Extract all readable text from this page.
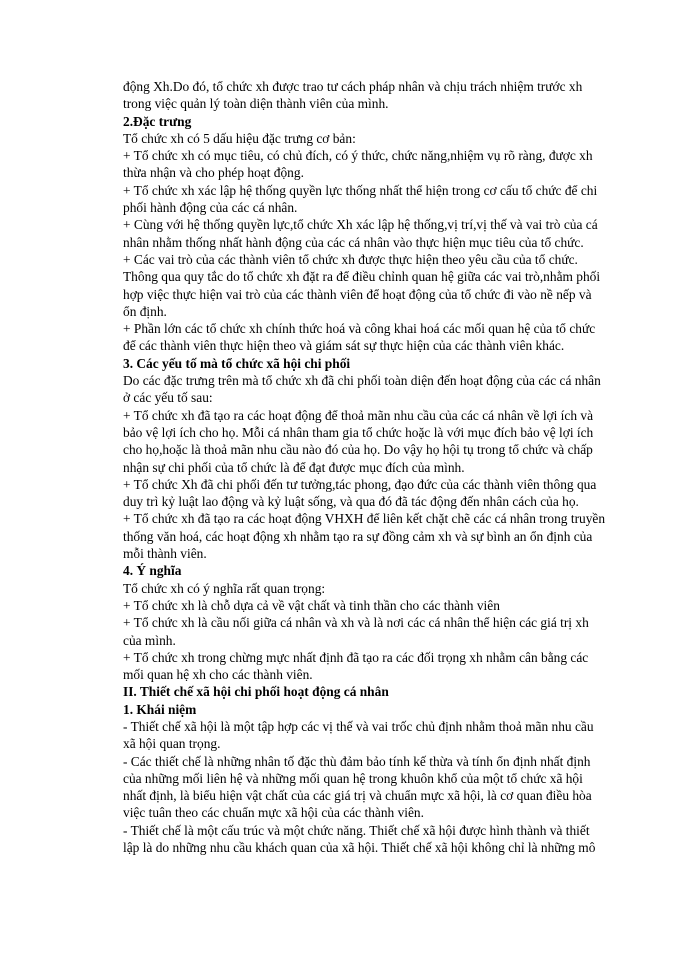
động Xh.Do đó, tổ chức xh được trao tư cách pháp nhân và chịu trách nhiệm trước xh
trong việc quản lý toàn diện thành viên của mình.
2.Đặc trưng
Tổ chức xh có 5 dấu hiệu đặc trưng cơ bản:
+ Tổ chức xh có mục tiêu, có chủ đích, có ý thức, chức năng,nhiệm vụ rõ ràng, được xh
thừa nhận và cho phép hoạt động.
+ Tổ chức xh xác lập hệ thống quyền lực thống nhất thể hiện trong cơ cấu tổ chức để chi
phối hành động của các cá nhân.
+ Cùng với hệ thống quyền lực,tổ chức Xh xác lập hệ thống,vị trí,vị thế và vai trò của cá
nhân nhằm thống nhất hành động của các cá nhân vào thực hiện mục tiêu của tổ chức.
+ Các vai trò của các thành viên tổ chức xh được thực hiện theo yêu cầu của tổ chức.
Thông qua quy tắc do tổ chức xh đặt ra để điều chỉnh quan hệ giữa các vai trò,nhằm phối
hợp việc thực hiện vai trò của các thành viên để hoạt động của tổ chức đi vào nề nếp và
ổn định.
+ Phần lớn các tổ chức xh chính thức hoá và công khai hoá các mối quan hệ của tổ chức
để các thành viên thực hiện theo và giám sát sự thực hiện của các thành viên khác.
3. Các yếu tố mà tổ chức xã hội chi phối
Do các đặc trưng trên mà tổ chức xh đã chi phối toàn diện đến hoạt động của các cá nhân
ở các yếu tố sau:
+ Tổ chức xh đã tạo ra các hoạt động để thoả mãn nhu cầu của các cá nhân về lợi ích và
bảo vệ lợi ích cho họ. Mỗi cá nhân tham gia tổ chức hoặc là với mục đích bảo vệ lợi ích
cho họ,hoặc là thoả mãn nhu cầu nào đó của họ. Do vậy họ hội tụ trong tổ chức và chấp
nhận sự chi phối của tổ chức là để đạt được mục đích của mình.
+ Tổ chức Xh đã chi phối đến tư tưởng,tác phong, đạo đức của các thành viên thông qua
duy trì kỷ luật lao động và kỷ luật sống, và qua đó đã tác động đến nhân cách của họ.
+ Tổ chức xh đã tạo ra các hoạt động VHXH để liên kết chặt chẽ các cá nhân trong truyền
thống văn hoá, các hoạt động xh nhằm tạo ra sự đồng cảm xh và sự bình an ổn định của
mỗi thành viên.
4. Ý nghĩa
Tổ chức xh có ý nghĩa rất quan trọng:
+ Tổ chức xh là chỗ dựa cả về vật chất và tinh thần cho các thành viên
+ Tổ chức xh là cầu nối giữa cá nhân và xh và là nơi các cá nhân thể hiện các giá trị xh
của mình.
+ Tổ chức xh trong chừng mực nhất định đã tạo ra các đối trọng xh nhằm cân bằng các
mối quan hệ xh cho các thành viên.
II. Thiết chế xã hội chi phối hoạt động cá nhân
1. Khái niệm
- Thiết chế xã hội là một tập hợp các vị thế và vai trốc chủ định nhằm thoả mãn nhu cầu
xã hội quan trọng.
- Các thiết chế là những nhân tố đặc thù đảm bảo tính kế thừa và tính ổn định nhất định
của những mối liên hệ và những mối quan hệ trong khuôn khổ của một tổ chức xã hội
nhất định, là biểu hiện vật chất của các giá trị và chuẩn mực xã hội, là cơ quan điều hòa
việc tuân theo các chuẩn mực xã hội của các thành viên.
- Thiết chế là một cấu trúc và một chức năng. Thiết chế xã hội được hình thành và thiết
lập là do những nhu cầu khách quan của xã hội. Thiết chế xã hội không chỉ là những mô
